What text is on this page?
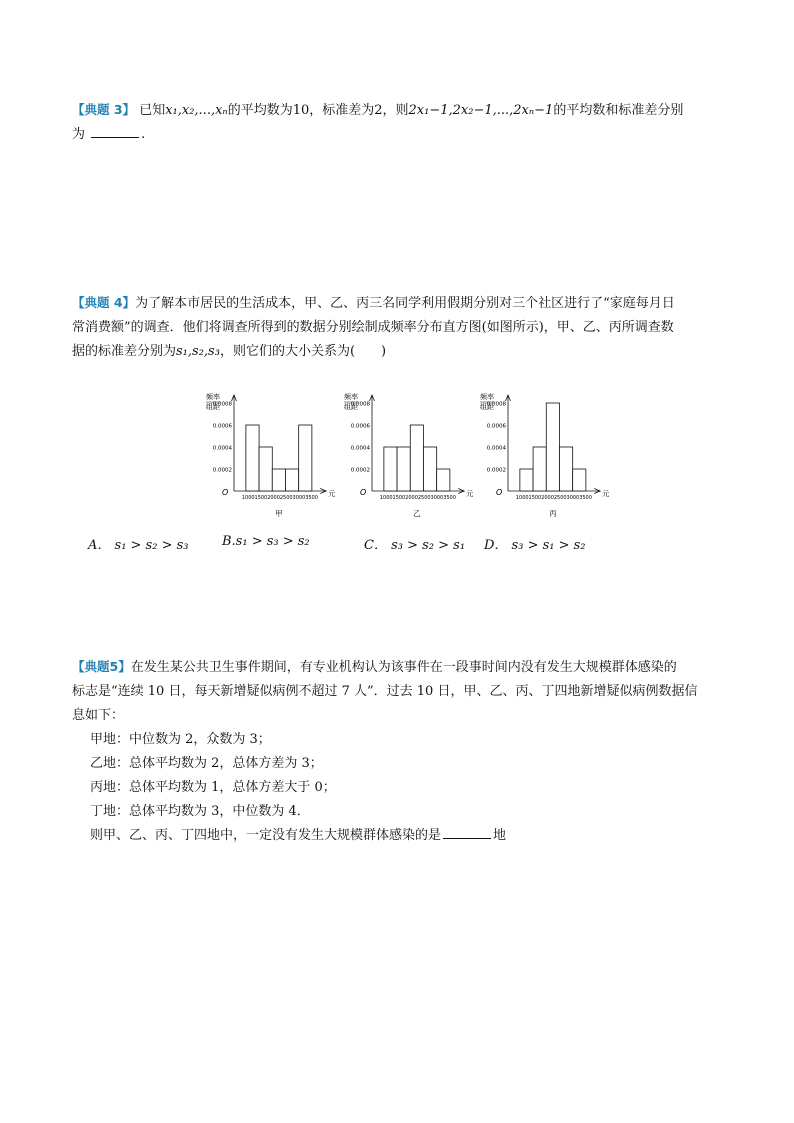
【典题 3】 已知x₁,x₂,...,xₙ的平均数为10，标准差为2，则2x₁−1,2x₂−1,...,2xₙ−1的平均数和标准差分别
为	.
【典题 4】为了解本市居民的生活成本，甲、乙、丙三名同学利用假期分别对三个社区进行了“家庭每月日
常消费额”的调查．他们将调查所得到的数据分别绘制成频率分布直方图(如图所示)，甲、乙、丙所调查数
据的标准差分别为s₁,s₂,s₃，则它们的大小关系为( )
频率
组距
0.0002
0.0004
0.0006
0.0008
O
100015002000250030003500 元
甲
频率
组距
0.0002
0.0004
0.0006
0.0008
O
100015002000250030003500 元
乙
频率
组距
0.0002
0.0004
0.0006
0.0008
O
100015002000250030003500 元
丙
A． s₁ > s₂ > s₃	B.s₁ > s₃ > s₂	C． s₃ > s₂ > s₁ D． s₃ > s₁ > s₂
【典题5】在发生某公共卫生事件期间，有专业机构认为该事件在一段事时间内没有发生大规模群体感染的
标志是“连续 10 日，每天新增疑似病例不超过 7 人”．过去 10 日，甲、乙、丙、丁四地新增疑似病例数据信
息如下：
甲地：中位数为 2，众数为 3；
乙地：总体平均数为 2，总体方差为 3；
丙地：总体平均数为 1，总体方差大于 0；
丁地：总体平均数为 3，中位数为 4．
则甲、乙、丙、丁四地中，一定没有发生大规模群体感染的是	地
